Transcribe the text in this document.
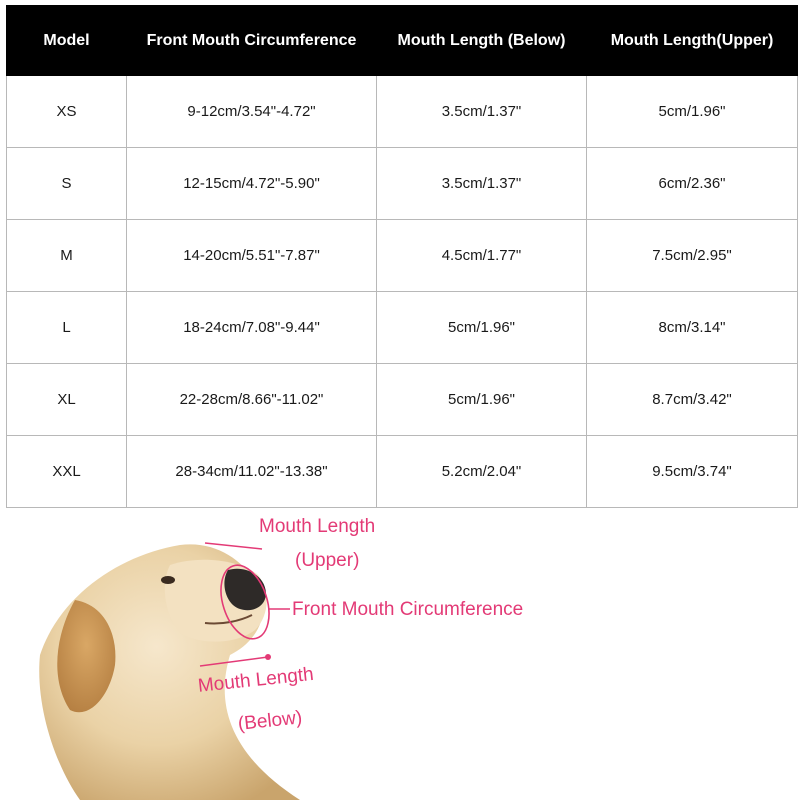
Model	Front Mouth Circumference	Mouth Length (Below)	Mouth Length(Upper)
XS	9-12cm/3.54"-4.72"	3.5cm/1.37"	5cm/1.96"
S	12-15cm/4.72"-5.90"	3.5cm/1.37"	6cm/2.36"
M	14-20cm/5.51"-7.87"	4.5cm/1.77"	7.5cm/2.95"
L	18-24cm/7.08"-9.44"	5cm/1.96"	8cm/3.14"
XL	22-28cm/8.66"-11.02"	5cm/1.96"	8.7cm/3.42"
XXL	28-34cm/11.02"-13.38"	5.2cm/2.04"	9.5cm/3.74"
Mouth Length
(Upper)
Front Mouth Circumference
Mouth Length
(Below)
